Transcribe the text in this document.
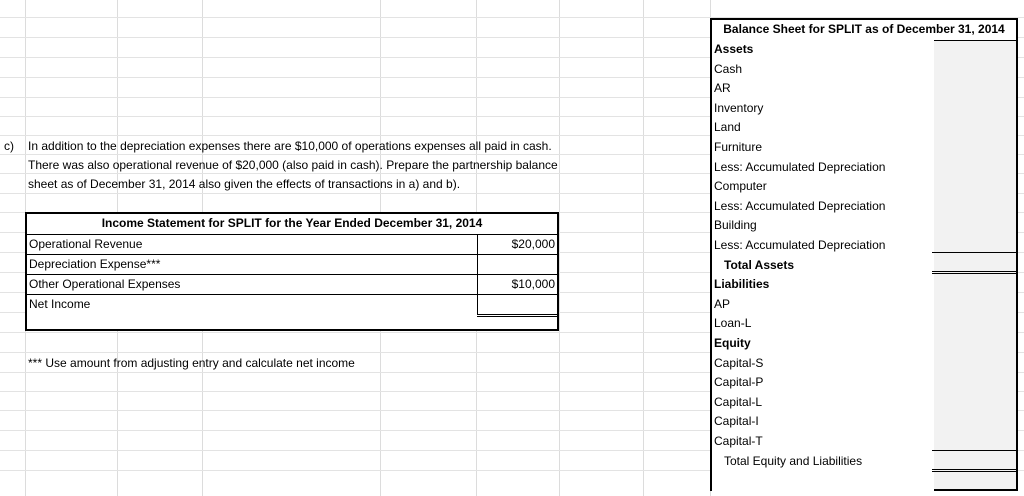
c) In addition to the depreciation expenses there are $10,000 of operations expenses all paid in cash.
There was also operational revenue of $20,000 (also paid in cash). Prepare the partnership balance
sheet as of December 31, 2014 also given the effects of transactions in a) and b).
Income Statement for SPLIT for the Year Ended December 31, 2014
Operational Revenue	$20,000
Depreciation Expense***
Other Operational Expenses	$10,000
Net Income
*** Use amount from adjusting entry and calculate net income
Balance Sheet for SPLIT as of December 31, 2014
Assets
Cash
AR
Inventory
Land
Furniture
Less: Accumulated Depreciation
Computer
Less: Accumulated Depreciation
Building
Less: Accumulated Depreciation
Total Assets
Liabilities
AP
Loan-L
Equity
Capital-S
Capital-P
Capital-L
Capital-I
Capital-T
Total Equity and Liabilities
